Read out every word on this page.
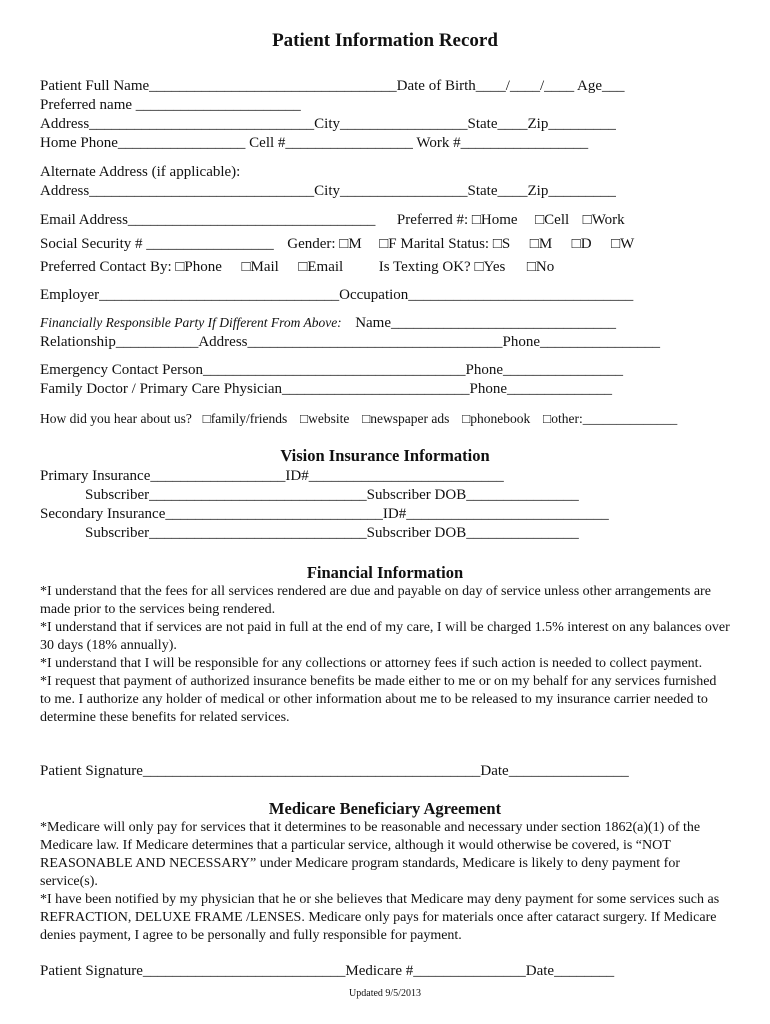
Patient Information Record
Patient Full Name_________________________________Date of Birth____/____/____ Age___
Preferred name ______________________
Address______________________________City_________________State____Zip_________
Home Phone_________________ Cell #_________________ Work #_________________
Alternate Address (if applicable):
Address______________________________City_________________State____Zip_________
Email Address_________________________________ Preferred #: □Home □Cell □Work
Social Security # _________________ Gender: □M □F Marital Status: □S □M □D □W
Preferred Contact By: □Phone □Mail □Email Is Texting OK? □Yes □No
Employer________________________________Occupation______________________________
Financially Responsible Party If Different From Above: Name______________________________
Relationship___________Address__________________________________Phone________________
Emergency Contact Person___________________________________Phone________________
Family Doctor / Primary Care Physician_________________________Phone______________
How did you hear about us? □family/friends □website □newspaper ads □phonebook □other:______________
Vision Insurance Information
Primary Insurance__________________ID#__________________________
Subscriber_____________________________Subscriber DOB_______________
Secondary Insurance_____________________________ID#___________________________
Subscriber_____________________________Subscriber DOB_______________
Financial Information

*I understand that the fees for all services rendered are due and payable on day of service unless other arrangements are made prior to the services being rendered.

*I understand that if services are not paid in full at the end of my care, I will be charged 1.5% interest on any balances over 30 days (18% annually).

*I understand that I will be responsible for any collections or attorney fees if such action is needed to collect payment.

*I request that payment of authorized insurance benefits be made either to me or on my behalf for any services furnished to me. I authorize any holder of medical or other information about me to be released to my insurance carrier needed to determine these benefits for related services.

Patient Signature_____________________________________________Date________________
Medicare Beneficiary Agreement

*Medicare will only pay for services that it determines to be reasonable and necessary under section 1862(a)(1) of the Medicare law. If Medicare determines that a particular service, although it would otherwise be covered, is “NOT REASONABLE AND NECESSARY” under Medicare program standards, Medicare is likely to deny payment for service(s).

*I have been notified by my physician that he or she believes that Medicare may deny payment for some services such as REFRACTION, DELUXE FRAME /LENSES. Medicare only pays for materials once after cataract surgery. If Medicare denies payment, I agree to be personally and fully responsible for payment.

Patient Signature___________________________Medicare #_______________Date________
Updated 9/5/2013
